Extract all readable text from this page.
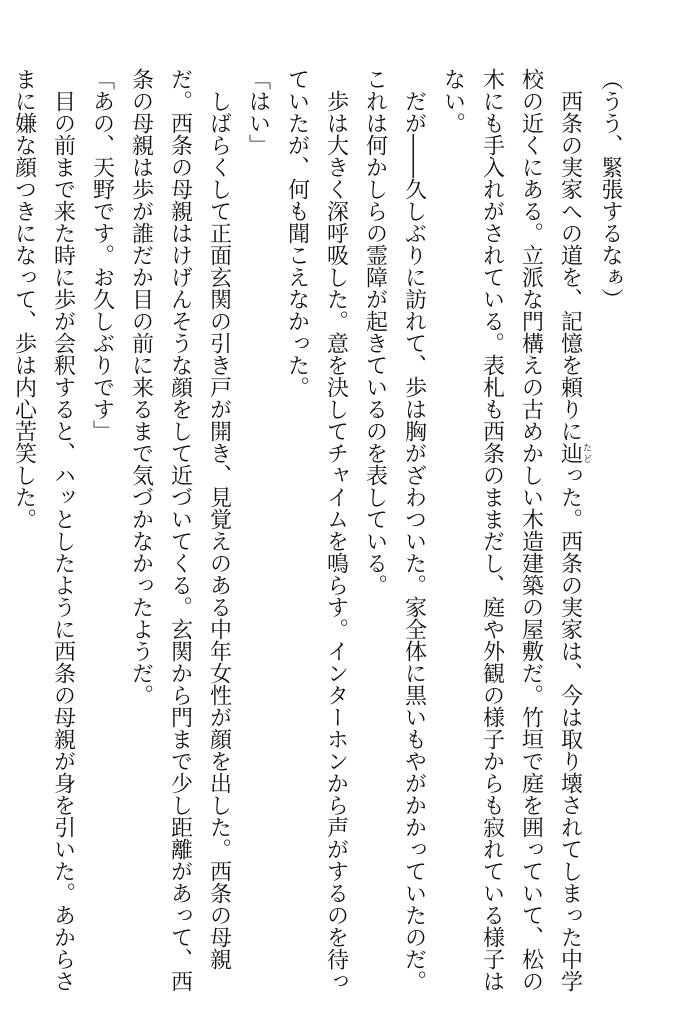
（うう、緊張するなぁ）

　西条の実家への道を、記憶を頼りに辿たどった。西条の実家は、今は取り壊されてしまった中学

校の近くにある。立派な門構えの古めかしい木造建築の屋敷だ。竹垣で庭を囲っていて、松の

木にも手入れがされている。表札も西条のままだし、庭や外観の様子からも寂れている様子は

ない。

　だが――久しぶりに訪れて、歩は胸がざわついた。家全体に黒いもやがかかっていたのだ。

これは何かしらの霊障が起きているのを表している。

　歩は大きく深呼吸した。意を決してチャイムを鳴らす。インターホンから声がするのを待っ

ていたが、何も聞こえなかった。

「はい」

　しばらくして正面玄関の引き戸が開き、見覚えのある中年女性が顔を出した。西条の母親

だ。西条の母親はけげんそうな顔をして近づいてくる。玄関から門まで少し距離があって、西

条の母親は歩が誰だか目の前に来るまで気づかなかったようだ。

「あの、天野です。お久しぶりです」

　目の前まで来た時に歩が会釈すると、ハッとしたように西条の母親が身を引いた。あからさ

まに嫌な顔つきになって、歩は内心苦笑した。
